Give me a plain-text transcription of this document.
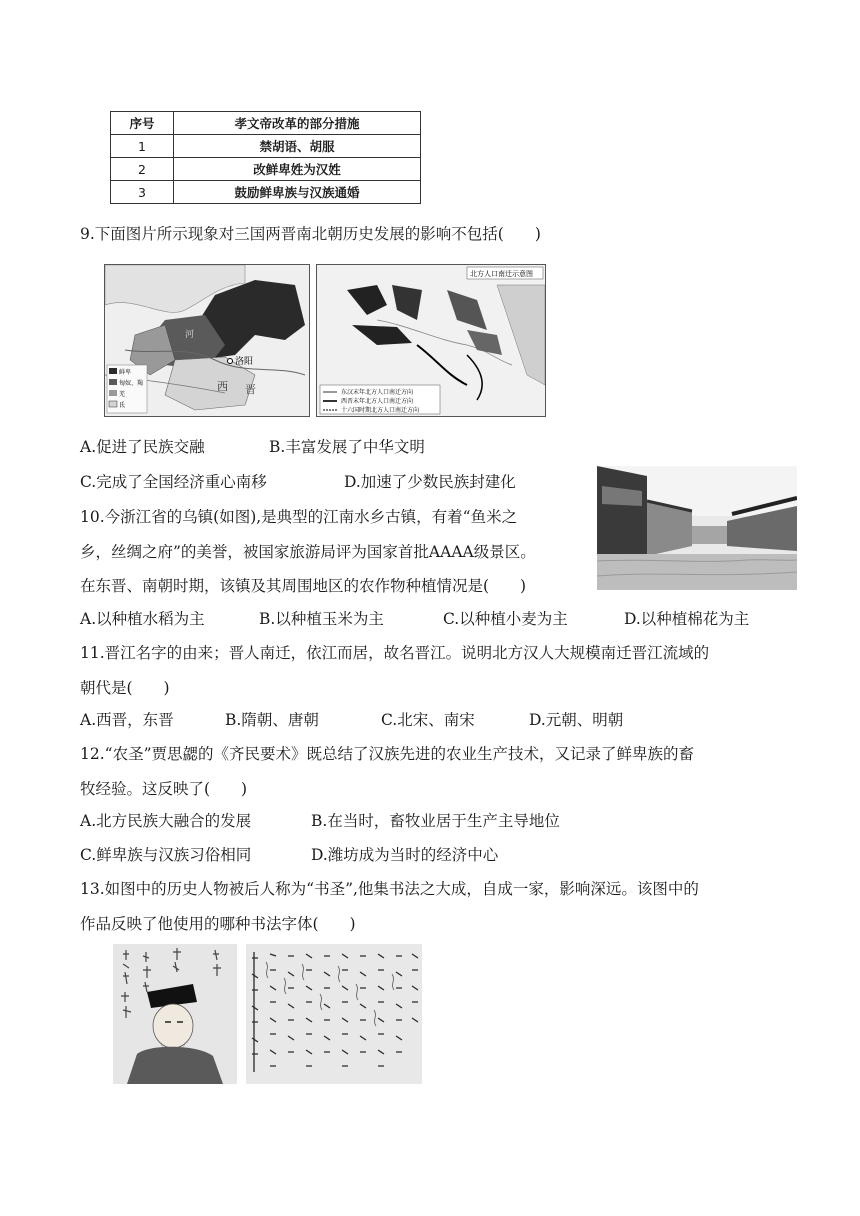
序号	孝文帝改革的部分措施
1	禁胡语、胡服
2	改鲜卑姓为汉姓
3	鼓励鲜卑族与汉族通婚
9.下面图片所示现象对三国两晋南北朝历史发展的影响不包括(　　)
洛阳
河
西 晋
鲜卑
匈奴、羯
羌
氐
北方人口南迁示意图
东汉末年北方人口南迁方向
西晋末年北方人口南迁方向
十六国时期北方人口南迁方向
A.促进了民族交融	B.丰富发展了中华文明
C.完成了全国经济重心南移	D.加速了少数民族封建化
10.今浙江省的乌镇(如图),是典型的江南水乡古镇，有着“鱼米之
乡，丝绸之府”的美誉，被国家旅游局评为国家首批AAAA级景区。
在东晋、南朝时期，该镇及其周围地区的农作物种植情况是(　　)
A.以种植水稻为主	B.以种植玉米为主	C.以种植小麦为主	D.以种植棉花为主
11.晋江名字的由来；晋人南迁，依江而居，故名晋江。说明北方汉人大规模南迁晋江流域的
朝代是(　　)
A.西晋，东晋	B.隋朝、唐朝	C.北宋、南宋	D.元朝、明朝
12.“农圣”贾思勰的《齐民要术》既总结了汉族先进的农业生产技术，又记录了鲜卑族的畜
牧经验。这反映了(　　)
A.北方民族大融合的发展	B.在当时，畜牧业居于生产主导地位
C.鲜卑族与汉族习俗相同	D.潍坊成为当时的经济中心
13.如图中的历史人物被后人称为“书圣”,他集书法之大成，自成一家，影响深远。该图中的
作品反映了他使用的哪种书法字体(　　)
